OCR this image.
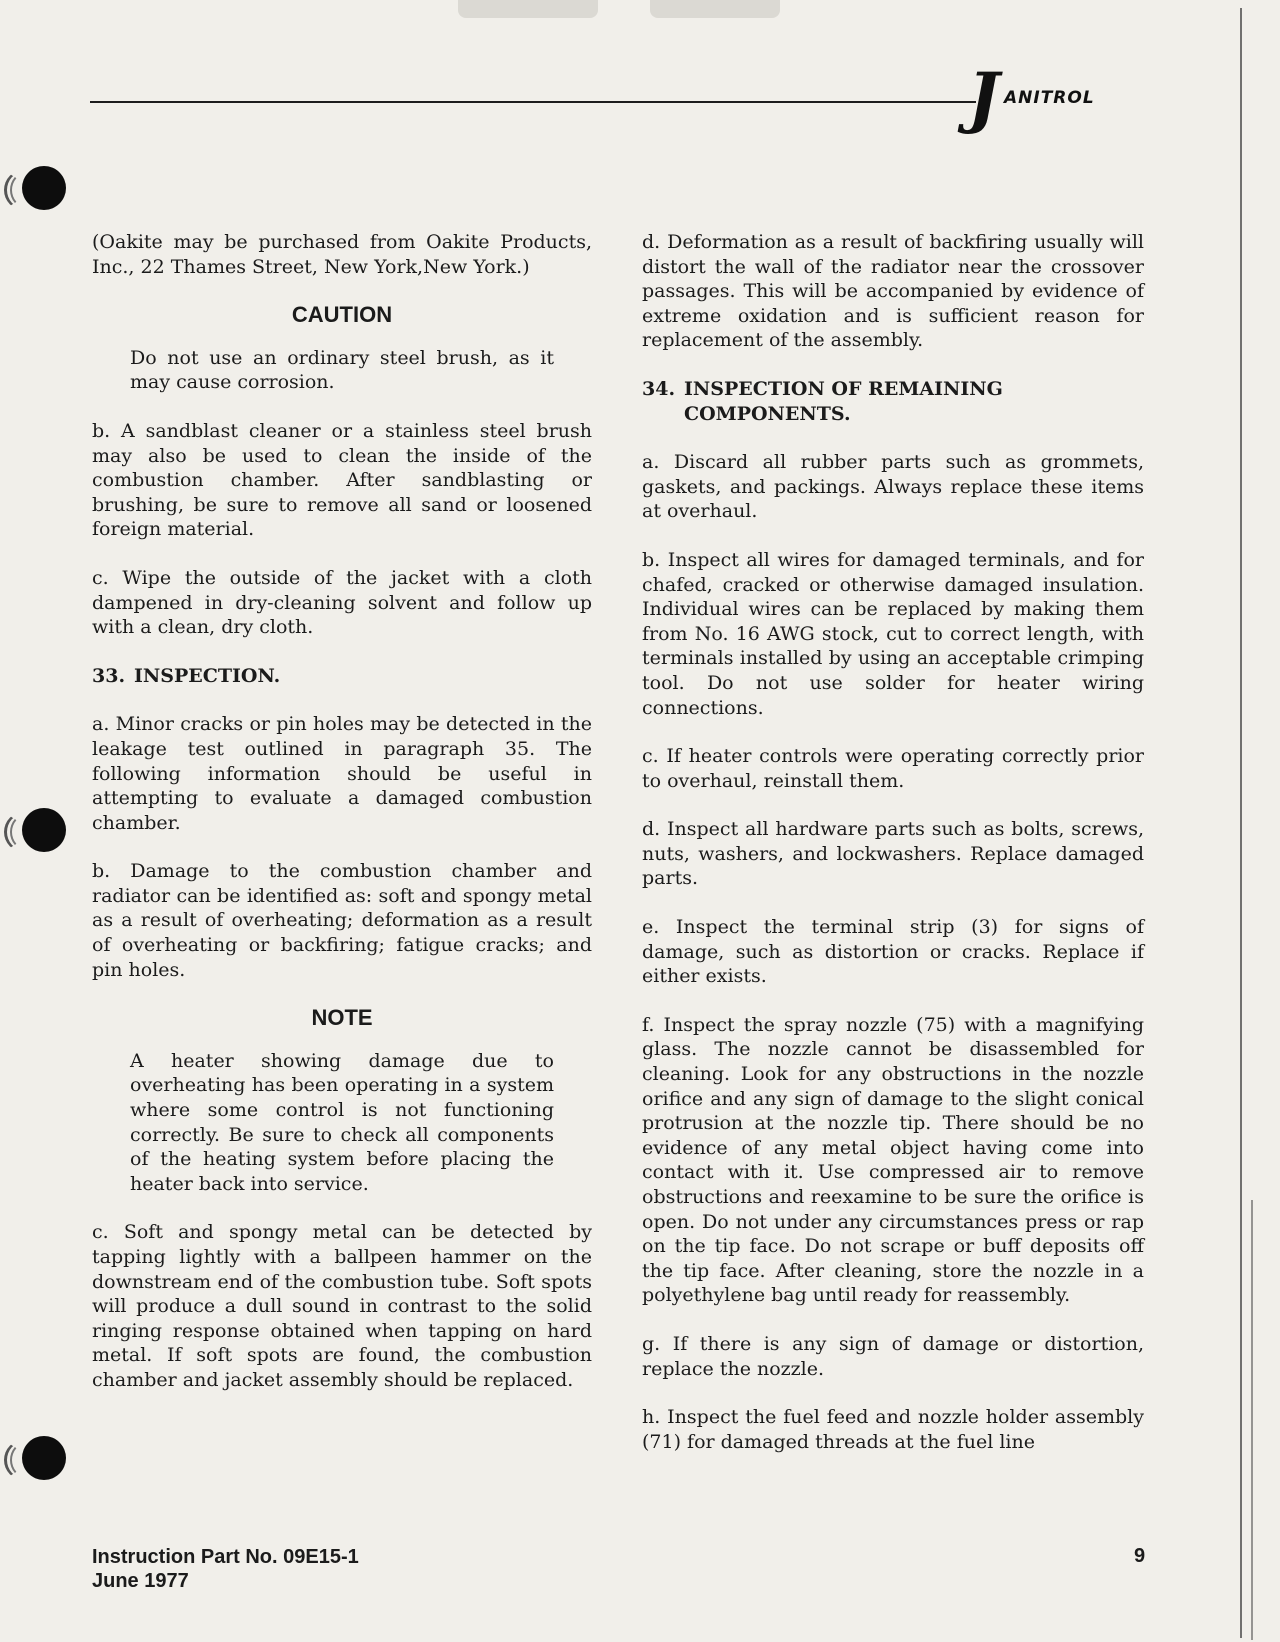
J ANITROL

(Oakite may be purchased from Oakite Products, Inc., 22 Thames Street, New York,New York.)

CAUTION

Do not use an ordinary steel brush, as it may cause corrosion.

b. A sandblast cleaner or a stainless steel brush may also be used to clean the inside of the combustion chamber. After sandblasting or brushing, be sure to remove all sand or loosened foreign material.

c. Wipe the outside of the jacket with a cloth dampened in dry-cleaning solvent and follow up with a clean, dry cloth.

33. INSPECTION.

a. Minor cracks or pin holes may be detected in the leakage test outlined in paragraph 35. The following information should be useful in attempting to evaluate a damaged combustion chamber.

b. Damage to the combustion chamber and radiator can be identified as: soft and spongy metal as a result of overheating; deformation as a result of overheating or backfiring; fatigue cracks; and pin holes.

NOTE

A heater showing damage due to overheating has been operating in a system where some control is not functioning correctly. Be sure to check all components of the heating system before placing the heater back into service.

c. Soft and spongy metal can be detected by tapping lightly with a ballpeen hammer on the downstream end of the combustion tube. Soft spots will produce a dull sound in contrast to the solid ringing response obtained when tapping on hard metal. If soft spots are found, the combustion chamber and jacket assembly should be replaced.

d. Deformation as a result of backfiring usually will distort the wall of the radiator near the crossover passages. This will be accompanied by evidence of extreme oxidation and is sufficient reason for replacement of the assembly.

34. INSPECTION OF REMAINING
COMPONENTS.

a. Discard all rubber parts such as grommets, gaskets, and packings. Always replace these items at overhaul.

b. Inspect all wires for damaged terminals, and for chafed, cracked or otherwise damaged insulation. Individual wires can be replaced by making them from No. 16 AWG stock, cut to correct length, with terminals installed by using an acceptable crimping tool. Do not use solder for heater wiring connections.

c. If heater controls were operating correctly prior to overhaul, reinstall them.

d. Inspect all hardware parts such as bolts, screws, nuts, washers, and lockwashers. Replace damaged parts.

e. Inspect the terminal strip (3) for signs of damage, such as distortion or cracks. Replace if either exists.

f. Inspect the spray nozzle (75) with a magnifying glass. The nozzle cannot be disassembled for cleaning. Look for any obstructions in the nozzle orifice and any sign of damage to the slight conical protrusion at the nozzle tip. There should be no evidence of any metal object having come into contact with it. Use compressed air to remove obstructions and reexamine to be sure the orifice is open. Do not under any circumstances press or rap on the tip face. Do not scrape or buff deposits off the tip face. After cleaning, store the nozzle in a polyethylene bag until ready for reassembly.

g. If there is any sign of damage or distortion, replace the nozzle.

h. Inspect the fuel feed and nozzle holder assembly (71) for damaged threads at the fuel line

Instruction Part No. 09E15-1
June 1977
9
